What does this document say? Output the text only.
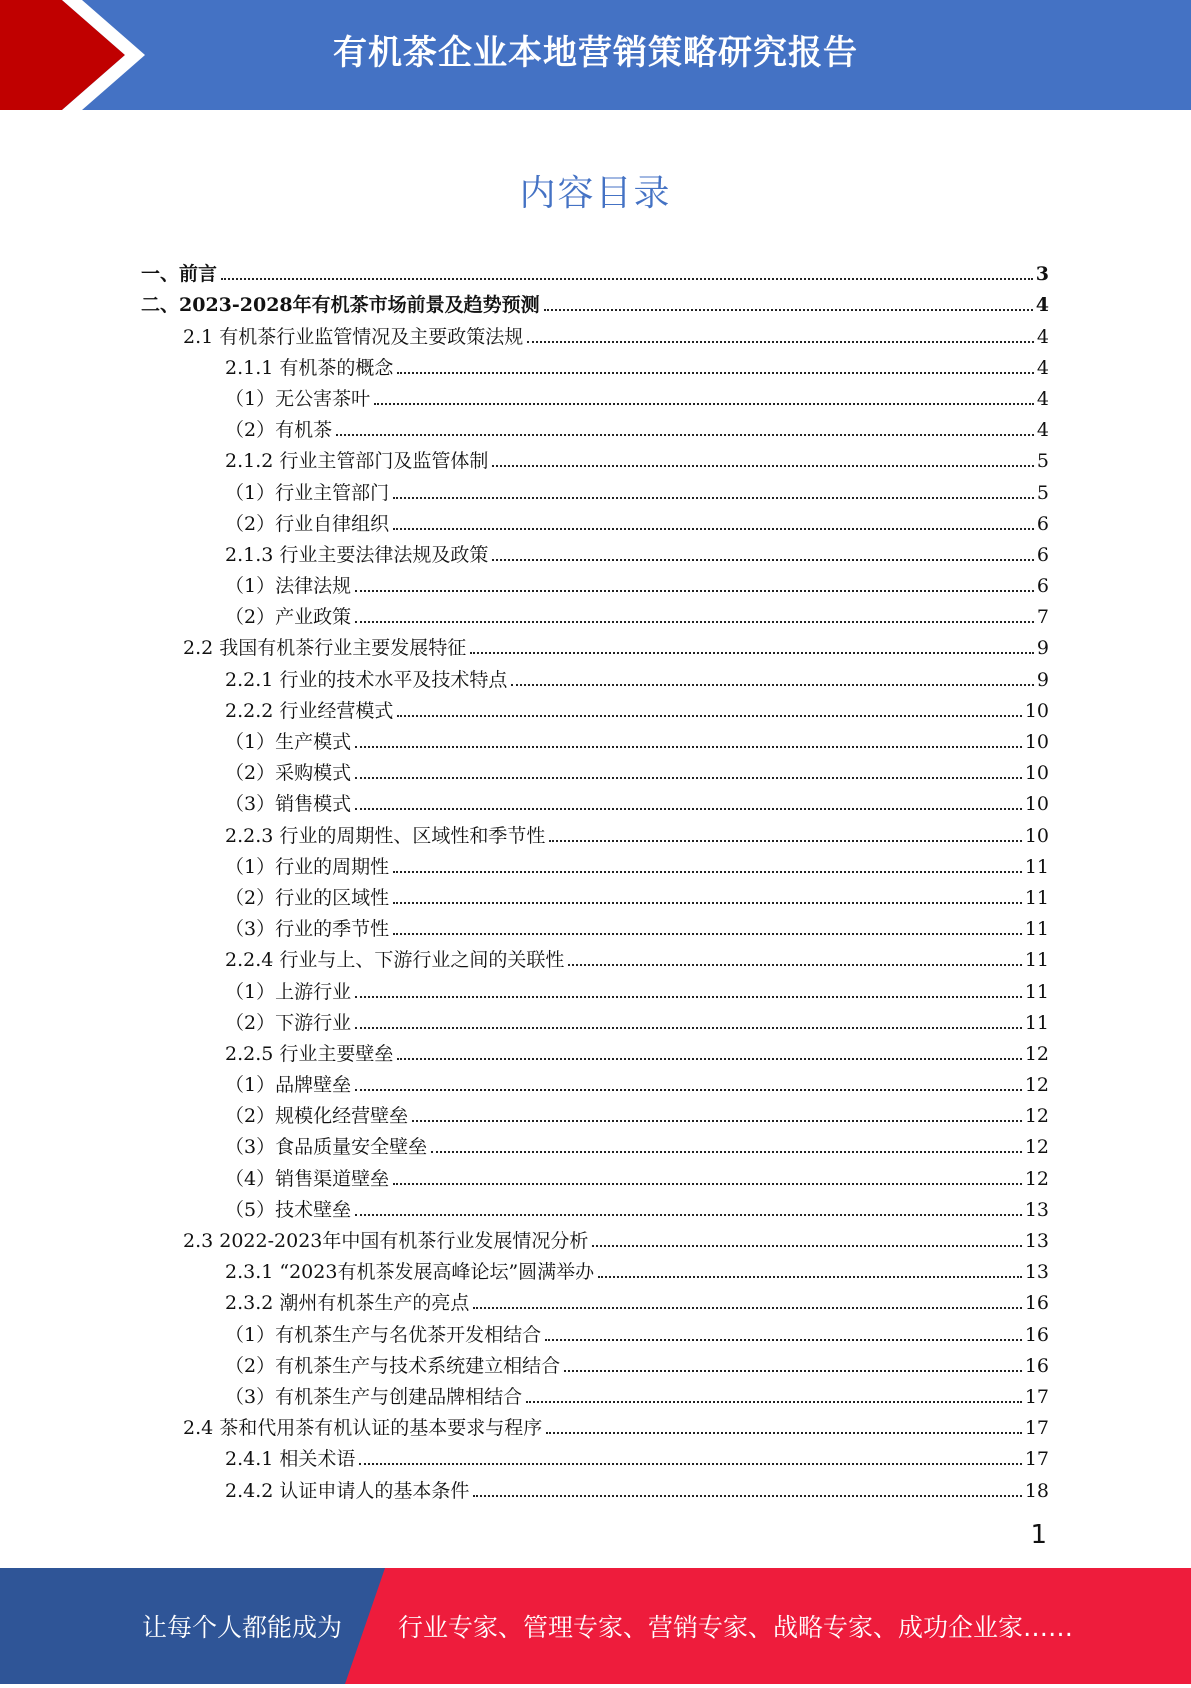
有机茶企业本地营销策略研究报告
内容目录
一、前言	3
二、2023-2028年有机茶市场前景及趋势预测	4
2.1 有机茶行业监管情况及主要政策法规	4
2.1.1 有机茶的概念	4
（1）无公害茶叶	4
（2）有机茶	4
2.1.2 行业主管部门及监管体制	5
（1）行业主管部门	5
（2）行业自律组织	6
2.1.3 行业主要法律法规及政策	6
（1）法律法规	6
（2）产业政策	7
2.2 我国有机茶行业主要发展特征	9
2.2.1 行业的技术水平及技术特点	9
2.2.2 行业经营模式	10
（1）生产模式	10
（2）采购模式	10
（3）销售模式	10
2.2.3 行业的周期性、区域性和季节性	10
（1）行业的周期性	11
（2）行业的区域性	11
（3）行业的季节性	11
2.2.4 行业与上、下游行业之间的关联性	11
（1）上游行业	11
（2）下游行业	11
2.2.5 行业主要壁垒	12
（1）品牌壁垒	12
（2）规模化经营壁垒	12
（3）食品质量安全壁垒	12
（4）销售渠道壁垒	12
（5）技术壁垒	13
2.3 2022-2023年中国有机茶行业发展情况分析	13
2.3.1 “2023有机茶发展高峰论坛”圆满举办	13
2.3.2 潮州有机茶生产的亮点	16
（1）有机茶生产与名优茶开发相结合	16
（2）有机茶生产与技术系统建立相结合	16
（3）有机茶生产与创建品牌相结合	17
2.4 茶和代用茶有机认证的基本要求与程序	17
2.4.1 相关术语	17
2.4.2 认证申请人的基本条件	18
1
让每个人都能成为 行业专家、管理专家、营销专家、战略专家、成功企业家……
